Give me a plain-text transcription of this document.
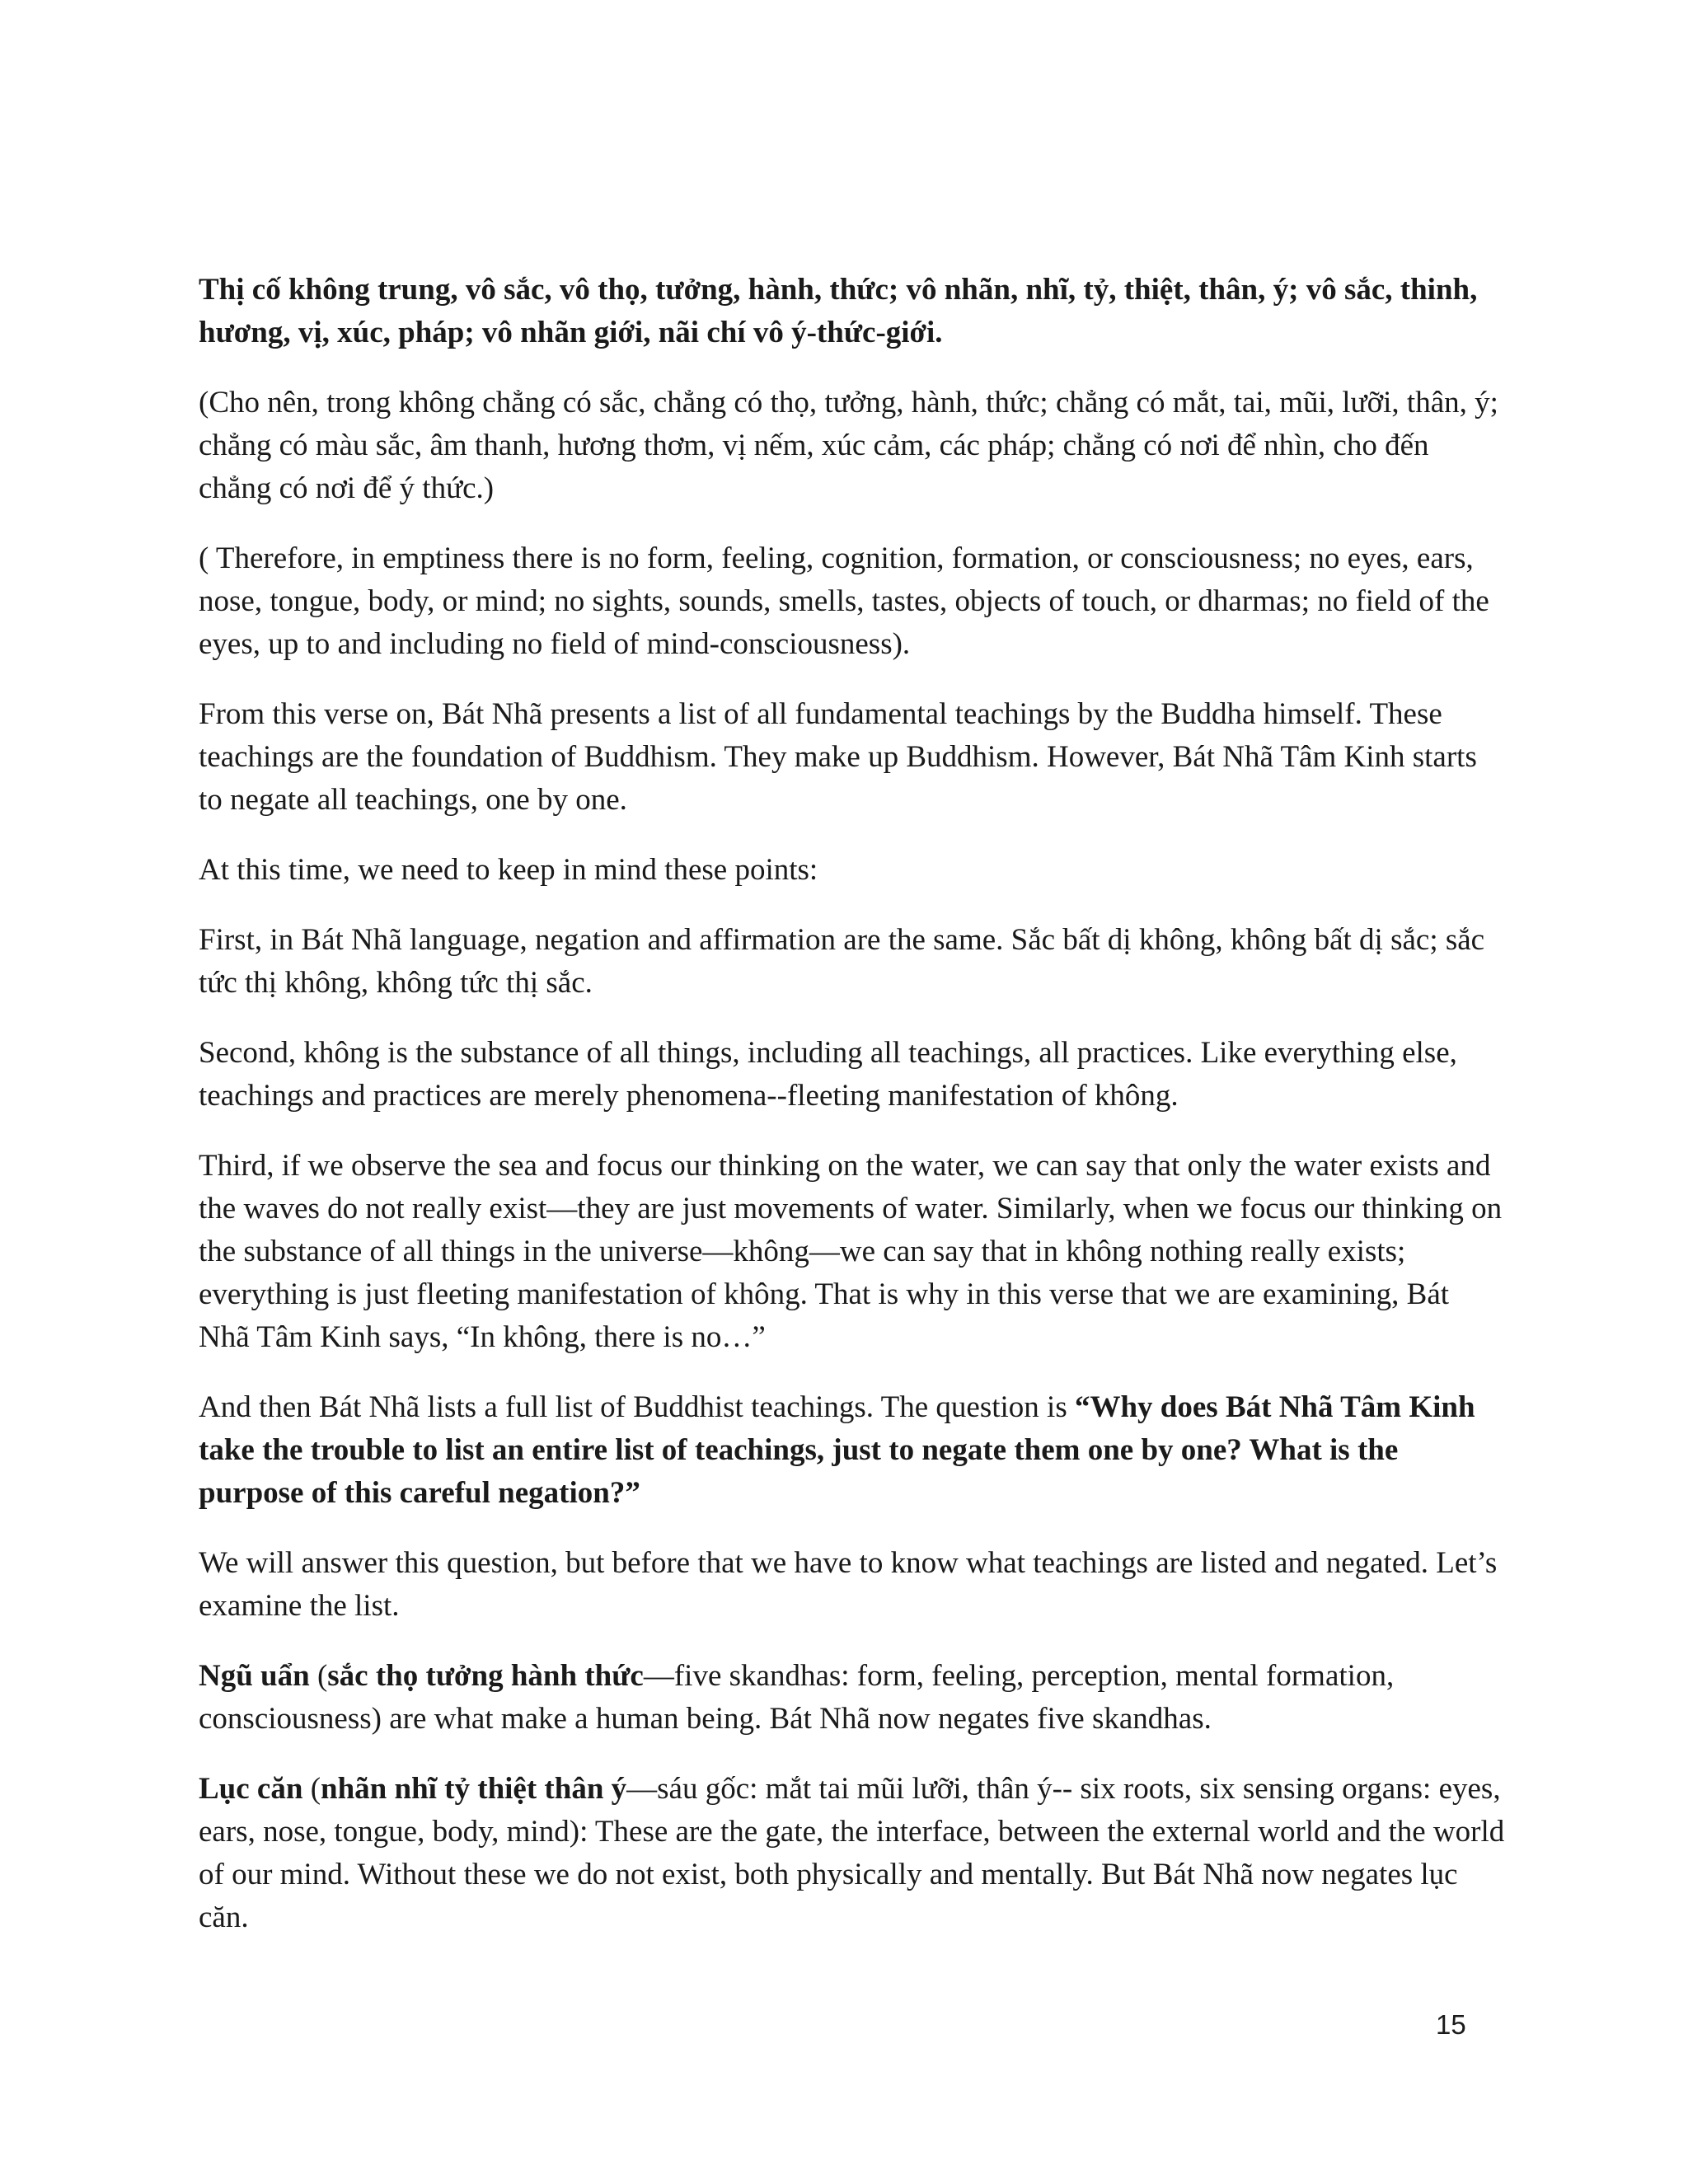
Thị cố không trung, vô sắc, vô thọ, tưởng, hành, thức; vô nhãn, nhĩ, tỷ, thiệt, thân, ý; vô sắc, thinh, hương, vị, xúc, pháp; vô nhãn giới, nãi chí vô ý-thức-giới.

(Cho nên, trong không chẳng có sắc, chẳng có thọ, tưởng, hành, thức; chẳng có mắt, tai, mũi, lưỡi, thân, ý; chẳng có màu sắc, âm thanh, hương thơm, vị nếm, xúc cảm, các pháp; chẳng có nơi để nhìn, cho đến chẳng có nơi để ý thức.)

( Therefore, in emptiness there is no form, feeling, cognition, formation, or consciousness; no eyes, ears, nose, tongue, body, or mind; no sights, sounds, smells, tastes, objects of touch, or dharmas; no field of the eyes, up to and including no field of mind-consciousness).

From this verse on, Bát Nhã presents a list of all fundamental teachings by the Buddha himself. These teachings are the foundation of Buddhism. They make up Buddhism. However, Bát Nhã Tâm Kinh starts to negate all teachings, one by one.

At this time, we need to keep in mind these points:

First, in Bát Nhã language, negation and affirmation are the same. Sắc bất dị không, không bất dị sắc; sắc tức thị không, không tức thị sắc.

Second, không is the substance of all things, including all teachings, all practices. Like everything else, teachings and practices are merely phenomena--fleeting manifestation of không.

Third, if we observe the sea and focus our thinking on the water, we can say that only the water exists and the waves do not really exist—they are just movements of water. Similarly, when we focus our thinking on the substance of all things in the universe—không—we can say that in không nothing really exists; everything is just fleeting manifestation of không. That is why in this verse that we are examining, Bát Nhã Tâm Kinh says, “In không, there is no…”

And then Bát Nhã lists a full list of Buddhist teachings. The question is “Why does Bát Nhã Tâm Kinh take the trouble to list an entire list of teachings, just to negate them one by one? What is the purpose of this careful negation?”

We will answer this question, but before that we have to know what teachings are listed and negated. Let’s examine the list.

Ngũ uẩn (sắc thọ tưởng hành thức—five skandhas: form, feeling, perception, mental formation, consciousness) are what make a human being. Bát Nhã now negates five skandhas.

Lục căn (nhãn nhĩ tỷ thiệt thân ý—sáu gốc: mắt tai mũi lưỡi, thân ý-- six roots, six sensing organs: eyes, ears, nose, tongue, body, mind): These are the gate, the interface, between the external world and the world of our mind. Without these we do not exist, both physically and mentally. But Bát Nhã now negates lục căn.

15
